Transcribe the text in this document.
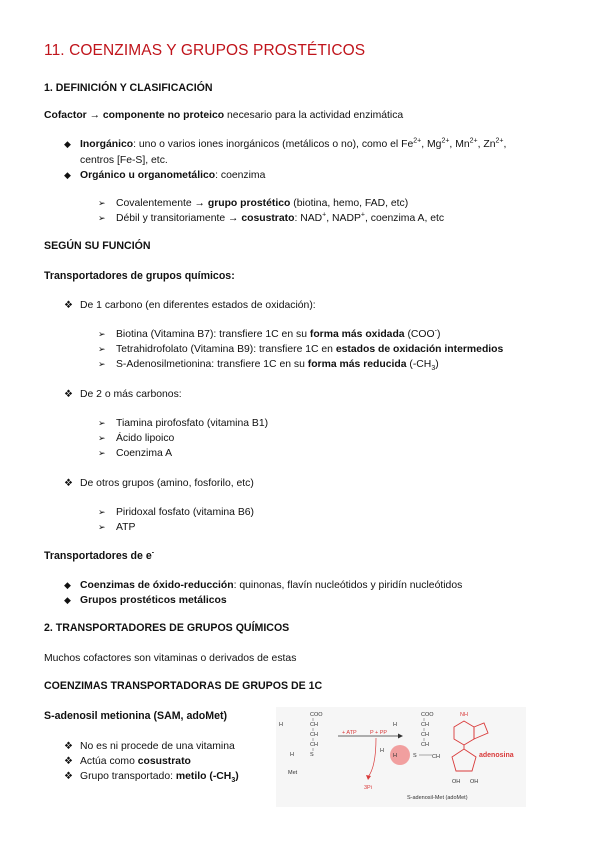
11. COENZIMAS Y GRUPOS PROSTÉTICOS
1. DEFINICIÓN Y CLASIFICACIÓN
Cofactor → componente no proteico necesario para la actividad enzimática
◆ Inorgánico: uno o varios iones inorgánicos (metálicos o no), como el $Fe^{2+}$, $Mg^{2+}$, $Mn^{2+}$, $Zn^{2+}$,
centros [Fe-S], etc.
◆ Orgánico u organometálico: coenzima
➢ Covalentemente → grupo prostético (biotina, hemo, FAD, etc)
➢ Débil y transitoriamente → cosustrato: NAD+, NADP+, coenzima A, etc
SEGÚN SU FUNCIÓN
Transportadores de grupos químicos:
❖ De 1 carbono (en diferentes estados de oxidación):
➢ Biotina (Vitamina B7): transfiere 1C en su forma más oxidada (COO-)
➢ Tetrahidrofolato (Vitamina B9): transfiere 1C en estados de oxidación intermedios
➢ S-Adenosilmetionina: transfiere 1C en su forma más reducida $(-CH_3)$
❖ De 2 o más carbonos:
➢ Tiamina pirofosfato (vitamina B1)
➢ Ácido lipoico
➢ Coenzima A
❖ De otros grupos (amino, fosforilo, etc)
➢ Piridoxal fosfato (vitamina B6)
➢ ATP
Transportadores de e-
◆ Coenzimas de óxido-reducción: quinonas, flavín nucleótidos y piridín nucleótidos
◆ Grupos prostéticos metálicos
2. TRANSPORTADORES DE GRUPOS QUÍMICOS
Muchos cofactores son vitaminas o derivados de estas
COENZIMAS TRANSPORTADORAS DE GRUPOS DE 1C
S-adenosil metionina (SAM, adoMet)
❖ No es ni procede de una vitamina
❖ Actúa como cosustrato
❖ Grupo transportado: metilo $(-CH_3)$
COO
H	CH
CH
CH
H	S
Met
+ ATP P + PP
3Pi
COO
H	CH
CH
CH
H	S
H
CH
OH OH
NH
adenosina
S-adenosil-Met (adoMet)
